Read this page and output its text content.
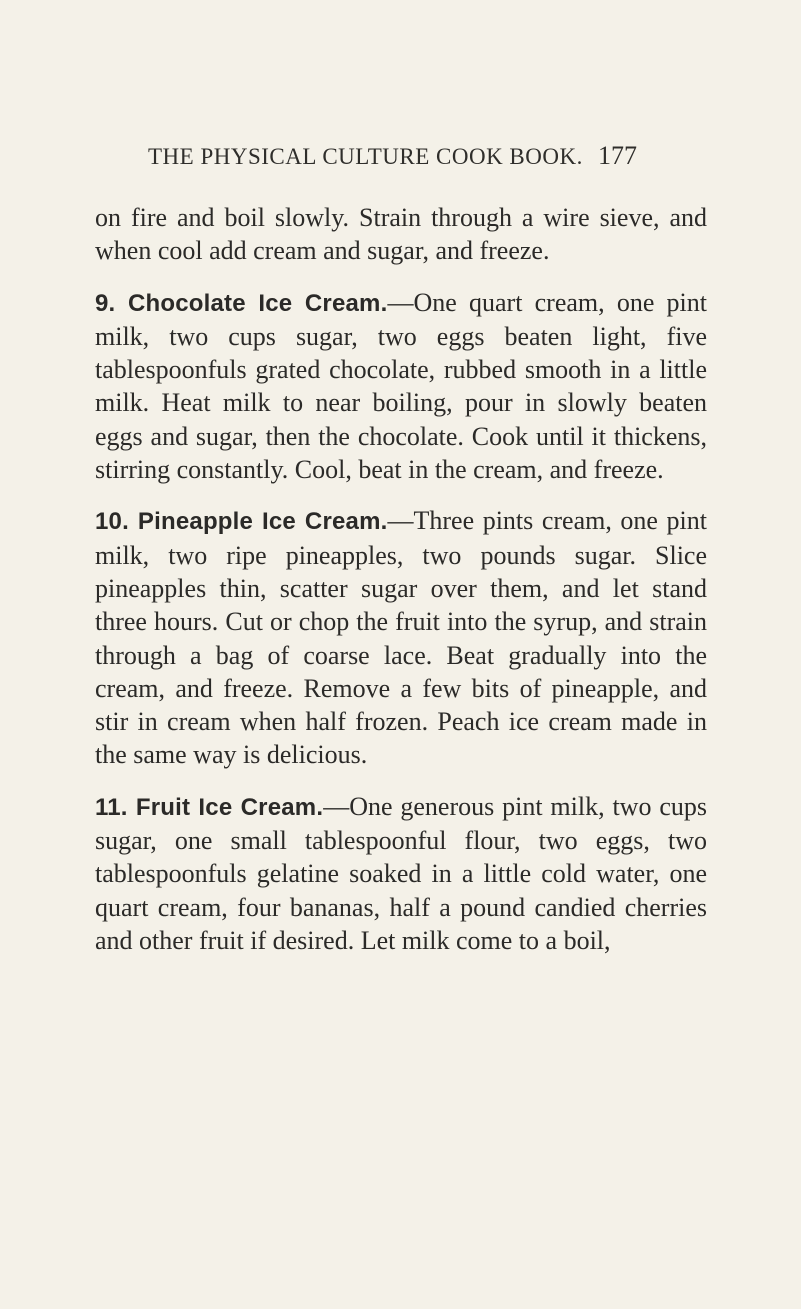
THE PHYSICAL CULTURE COOK BOOK. 177

on fire and boil slowly. Strain through a wire sieve, and when cool add cream and sugar, and freeze.

9. Chocolate Ice Cream.—One quart cream, one pint milk, two cups sugar, two eggs beaten light, five tablespoonfuls grated chocolate, rubbed smooth in a little milk. Heat milk to near boiling, pour in slowly beaten eggs and sugar, then the chocolate. Cook until it thickens, stirring constantly. Cool, beat in the cream, and freeze.

10. Pineapple Ice Cream.—Three pints cream, one pint milk, two ripe pineapples, two pounds sugar. Slice pineapples thin, scatter sugar over them, and let stand three hours. Cut or chop the fruit into the syrup, and strain through a bag of coarse lace. Beat gradually into the cream, and freeze. Remove a few bits of pineapple, and stir in cream when half frozen. Peach ice cream made in the same way is delicious.

11. Fruit Ice Cream.—One generous pint milk, two cups sugar, one small tablespoonful flour, two eggs, two tablespoonfuls gelatine soaked in a little cold water, one quart cream, four bananas, half a pound candied cherries and other fruit if desired. Let milk come to a boil,
